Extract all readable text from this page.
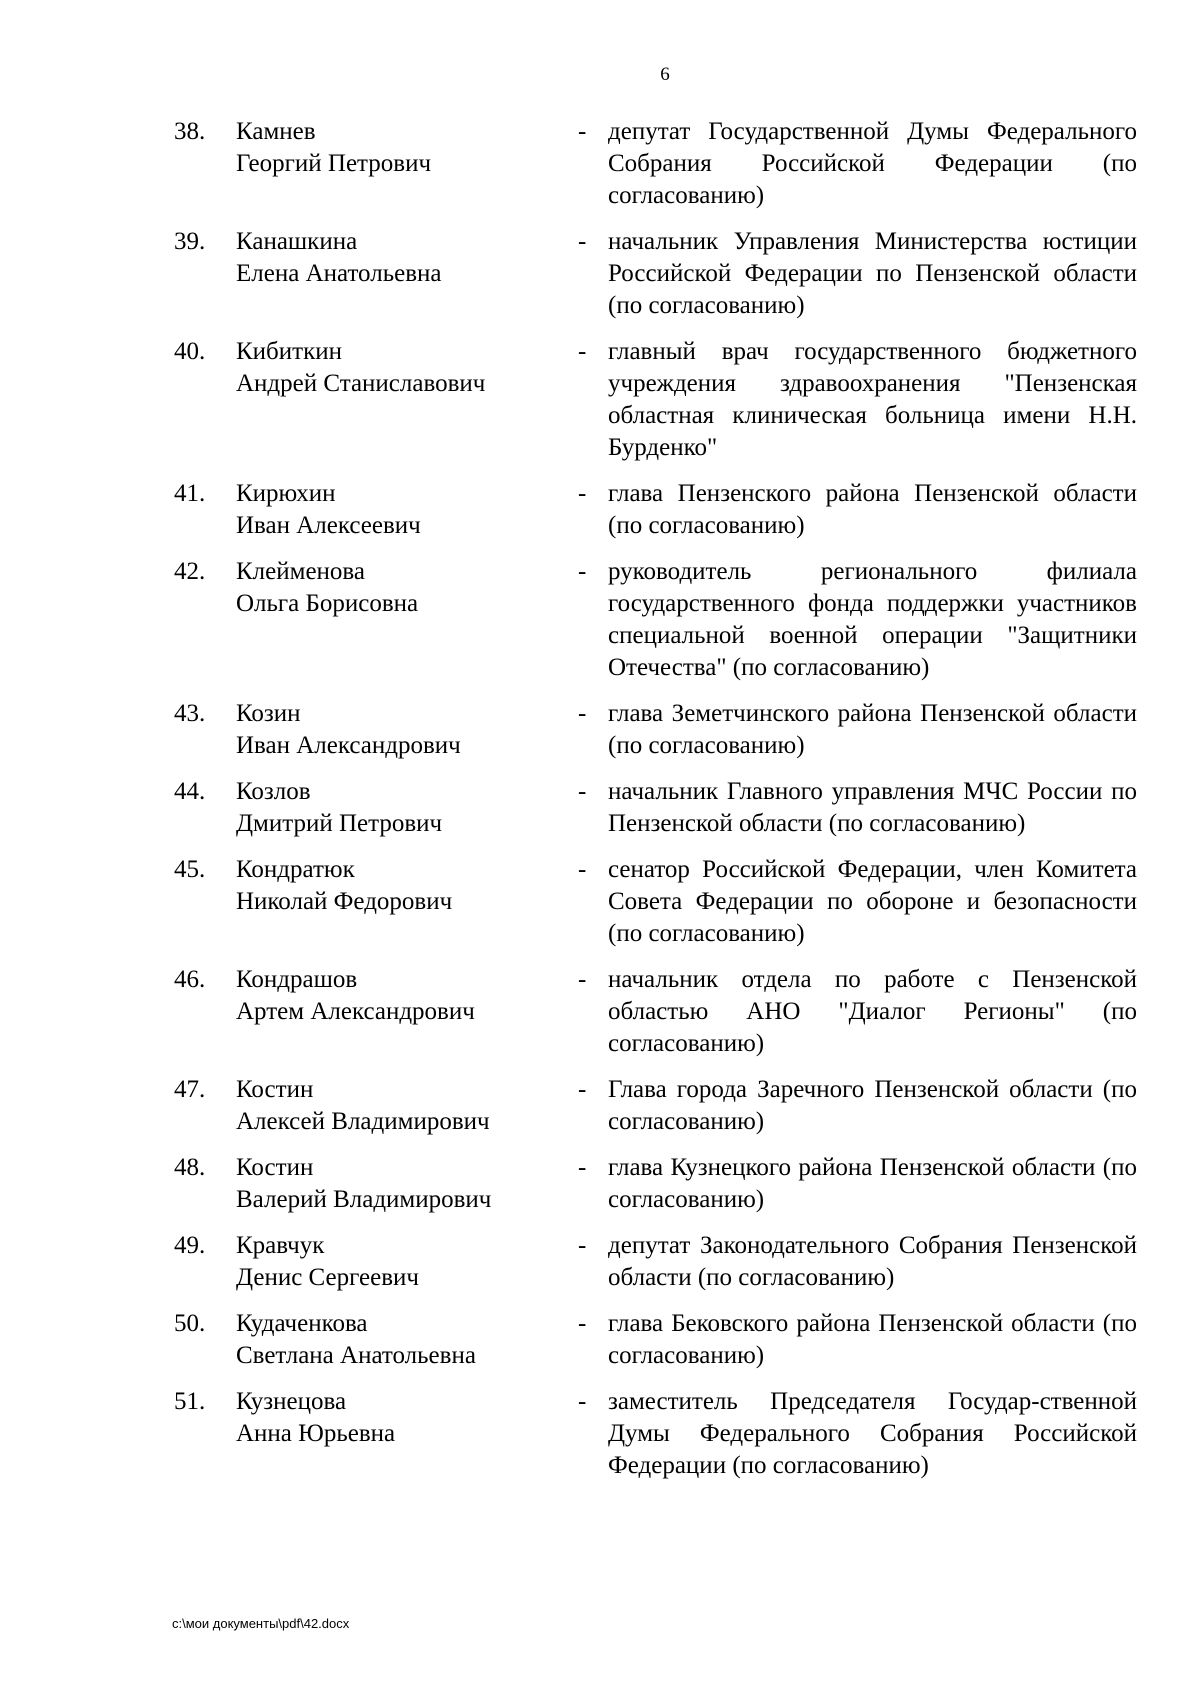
6
38. Камнев
Георгий Петрович
- депутат Государственной Думы Федерального Собрания Российской Федерации (по согласованию)
39. Канашкина
Елена Анатольевна
- начальник Управления Министерства юстиции Российской Федерации по Пензенской области (по согласованию)
40. Кибиткин
Андрей Станиславович
- главный врач государственного бюджетного учреждения здравоохранения "Пензенская областная клиническая больница имени Н.Н. Бурденко"
41. Кирюхин
Иван Алексеевич
- глава Пензенского района Пензенской области (по согласованию)
42. Клейменова
Ольга Борисовна
- руководитель регионального филиала государственного фонда поддержки участников специальной военной операции "Защитники Отечества" (по согласованию)
43. Козин
Иван Александрович
- глава Земетчинского района Пензенской области (по согласованию)
44. Козлов
Дмитрий Петрович
- начальник Главного управления МЧС России по Пензенской области (по согласованию)
45. Кондратюк
Николай Федорович
- сенатор Российской Федерации, член Комитета Совета Федерации по обороне и безопасности (по согласованию)
46. Кондрашов
Артем Александрович
- начальник отдела по работе с Пензенской областью АНО "Диалог Регионы" (по согласованию)
47. Костин
Алексей Владимирович
- Глава города Заречного Пензенской области (по согласованию)
48. Костин
Валерий Владимирович
- глава Кузнецкого района Пензенской области (по согласованию)
49. Кравчук
Денис Сергеевич
- депутат Законодательного Собрания Пензенской области (по согласованию)
50. Кудаченкова
Светлана Анатольевна
- глава Бековского района Пензенской области (по согласованию)
51. Кузнецова
Анна Юрьевна
- заместитель Председателя Государ-ственной Думы Федерального Собрания Российской Федерации (по согласованию)
c:\мои документы\pdf\42.docx
